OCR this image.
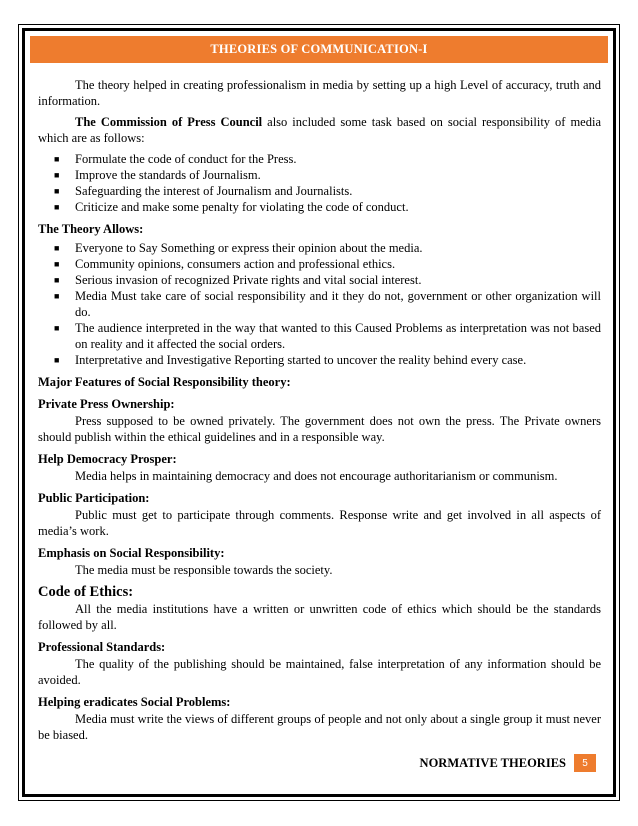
THEORIES OF COMMUNICATION-I

The theory helped in creating professionalism in media by setting up a high Level of accuracy, truth and information.

The Commission of Press Council also included some task based on social responsibility of media which are as follows:

■ Formulate the code of conduct for the Press.
■ Improve the standards of Journalism.
■ Safeguarding the interest of Journalism and Journalists.
■ Criticize and make some penalty for violating the code of conduct.
The Theory Allows:
■ Everyone to Say Something or express their opinion about the media.
■ Community opinions, consumers action and professional ethics.
■ Serious invasion of recognized Private rights and vital social interest.
■ Media Must take care of social responsibility and it they do not, government or other organization will do.
■ The audience interpreted in the way that wanted to this Caused Problems as interpretation was not based on reality and it affected the social orders.
■ Interpretative and Investigative Reporting started to uncover the reality behind every case.
Major Features of Social Responsibility theory:
Private Press Ownership:

Press supposed to be owned privately. The government does not own the press. The Private owners should publish within the ethical guidelines and in a responsible way.

Help Democracy Prosper:

Media helps in maintaining democracy and does not encourage authoritarianism or communism.

Public Participation:

Public must get to participate through comments. Response write and get involved in all aspects of media’s work.

Emphasis on Social Responsibility:

The media must be responsible towards the society.

Code of Ethics:

All the media institutions have a written or unwritten code of ethics which should be the standards followed by all.

Professional Standards:

The quality of the publishing should be maintained, false interpretation of any information should be avoided.

Helping eradicates Social Problems:

Media must write the views of different groups of people and not only about a single group it must never be biased.

NORMATIVE THEORIES	5
